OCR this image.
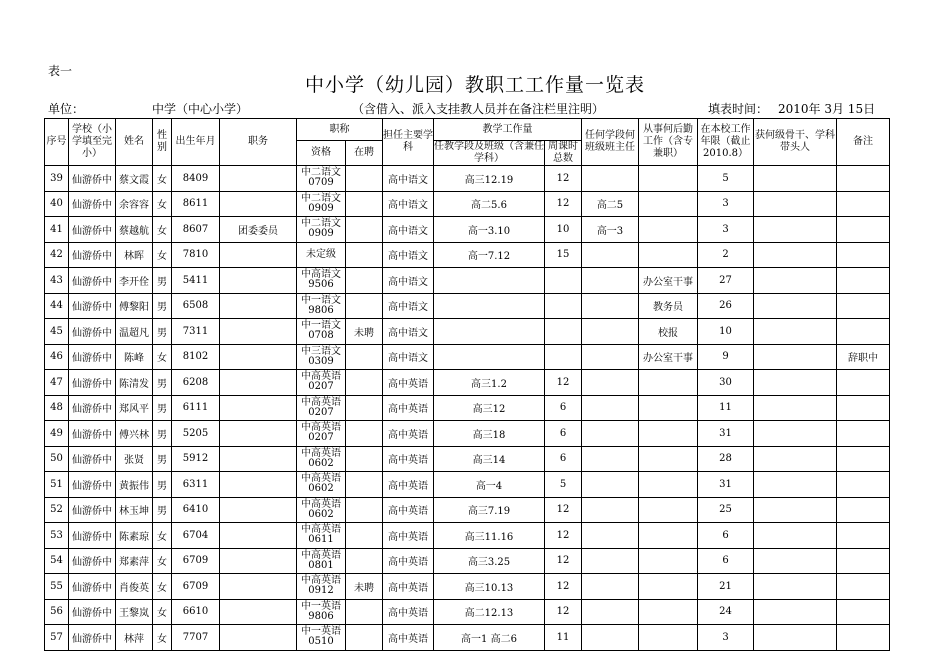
表一
中小学（幼儿园）教职工工作量一览表
单位：	中学（中心小学）	（含借入、派入支挂教人员并在备注栏里注明）	填表时间： 2010年 3月 15日
序号	学校（小学填至完小）	姓名	性别	出生年月	职务	职称		担任主要学科	教学工作量		任何学段何班级班主任	从事何后勤工作（含专兼职）	在本校工作年限（截止2010.8）	获何级骨干、学科带头人	备注
						资格	在聘		任教学段及班级（含兼任学科）	周课时总数					
39	仙游侨中	蔡文霞	女	8409		中二语文
0709		高中语文	高三12.19	12			5		
40	仙游侨中	余容容	女	8611		中二语文
0909		高中语文	高二5.6	12	高二5		3		
41	仙游侨中	蔡越航	女	8607	团委委员	中二语文
0909		高中语文	高一3.10	10	高一3		3		
42	仙游侨中	林晖	女	7810		未定级		高中语文	高一7.12	15			2		
43	仙游侨中	李开佺	男	5411		中高语文
9506		高中语文				办公室干事	27		
44	仙游侨中	傅黎阳	男	6508		中一语文
9806		高中语文				教务员	26		
45	仙游侨中	温超凡	男	7311		中一语文
0708	未聘	高中语文				校报	10		
46	仙游侨中	陈峰	女	8102		中三语文
0309		高中语文				办公室干事	9		辞职中
47	仙游侨中	陈清发	男	6208		中高英语
0207		高中英语	高三1.2	12			30		
48	仙游侨中	郑风平	男	6111		中高英语
0207		高中英语	高三12	6			11		
49	仙游侨中	傅兴林	男	5205		中高英语
0207		高中英语	高三18	6			31		
50	仙游侨中	张贤	男	5912		中高英语
0602		高中英语	高三14	6			28		
51	仙游侨中	黄振伟	男	6311		中高英语
0602		高中英语	高一4	5			31		
52	仙游侨中	林玉坤	男	6410		中高英语
0602		高中英语	高三7.19	12			25		
53	仙游侨中	陈素琼	女	6704		中高英语
0611		高中英语	高三11.16	12			6		
54	仙游侨中	郑素萍	女	6709		中高英语
0801		高中英语	高三3.25	12			6		
55	仙游侨中	肖俊英	女	6709		中高英语
0912	未聘	高中英语	高三10.13	12			21		
56	仙游侨中	王黎岚	女	6610		中一英语
9806		高中英语	高二12.13	12			24		
57	仙游侨中	林萍	女	7707		中一英语
0510		高中英语	高一1 高二6	11			3		
